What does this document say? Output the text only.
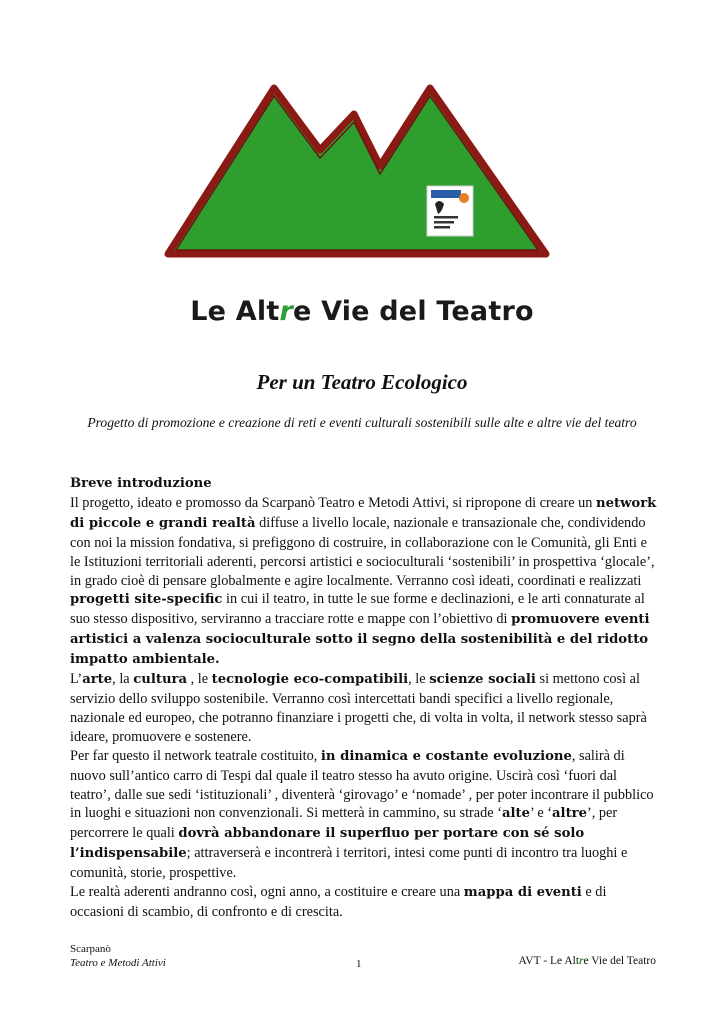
Le Altre Vie del Teatro
Per un Teatro Ecologico
Progetto di promozione e creazione di reti e eventi culturali sostenibili sulle alte e altre vie del teatro

Breve introduzione

Il progetto, ideato e promosso da Scarpanò Teatro e Metodi Attivi, si ripropone di creare un network di piccole e grandi realtà diffuse a livello locale, nazionale e transazionale che, condividendo con noi la mission fondativa, si prefiggono di costruire, in collaborazione con le Comunità, gli Enti e le Istituzioni territoriali aderenti, percorsi artistici e socioculturali ‘sostenibili’ in prospettiva ‘glocale’, in grado cioè di pensare globalmente e agire localmente. Verranno così ideati, coordinati e realizzati progetti site-specific in cui il teatro, in tutte le sue forme e declinazioni, e le arti connaturate al suo stesso dispositivo, serviranno a tracciare rotte e mappe con l’obiettivo di promuovere eventi artistici a valenza socioculturale sotto il segno della sostenibilità e del ridotto impatto ambientale.

L’arte, la cultura , le tecnologie eco-compatibili, le scienze sociali si mettono così al servizio dello sviluppo sostenibile. Verranno così intercettati bandi specifici a livello regionale, nazionale ed europeo, che potranno finanziare i progetti che, di volta in volta, il network stesso saprà ideare, promuovere e sostenere.

Per far questo il network teatrale costituito, in dinamica e costante evoluzione, salirà di nuovo sull’antico carro di Tespi dal quale il teatro stesso ha avuto origine. Uscirà così ‘fuori dal teatro’, dalle sue sedi ‘istituzionali’ , diventerà ‘girovago’ e ‘nomade’ , per poter incontrare il pubblico in luoghi e situazioni non convenzionali. Si metterà in cammino, su strade ‘alte’ e ‘altre’, per percorrere le quali dovrà abbandonare il superfluo per portare con sé solo l’indispensabile; attraverserà e incontrerà i territori, intesi come punti di incontro tra luoghi e comunità, storie, prospettive.

Le realtà aderenti andranno così, ogni anno, a costituire e creare una mappa di eventi e di occasioni di scambio, di confronto e di crescita.

Scarpanò
Teatro e Metodi Attivi	1	AVT - Le Altre Vie del Teatro
